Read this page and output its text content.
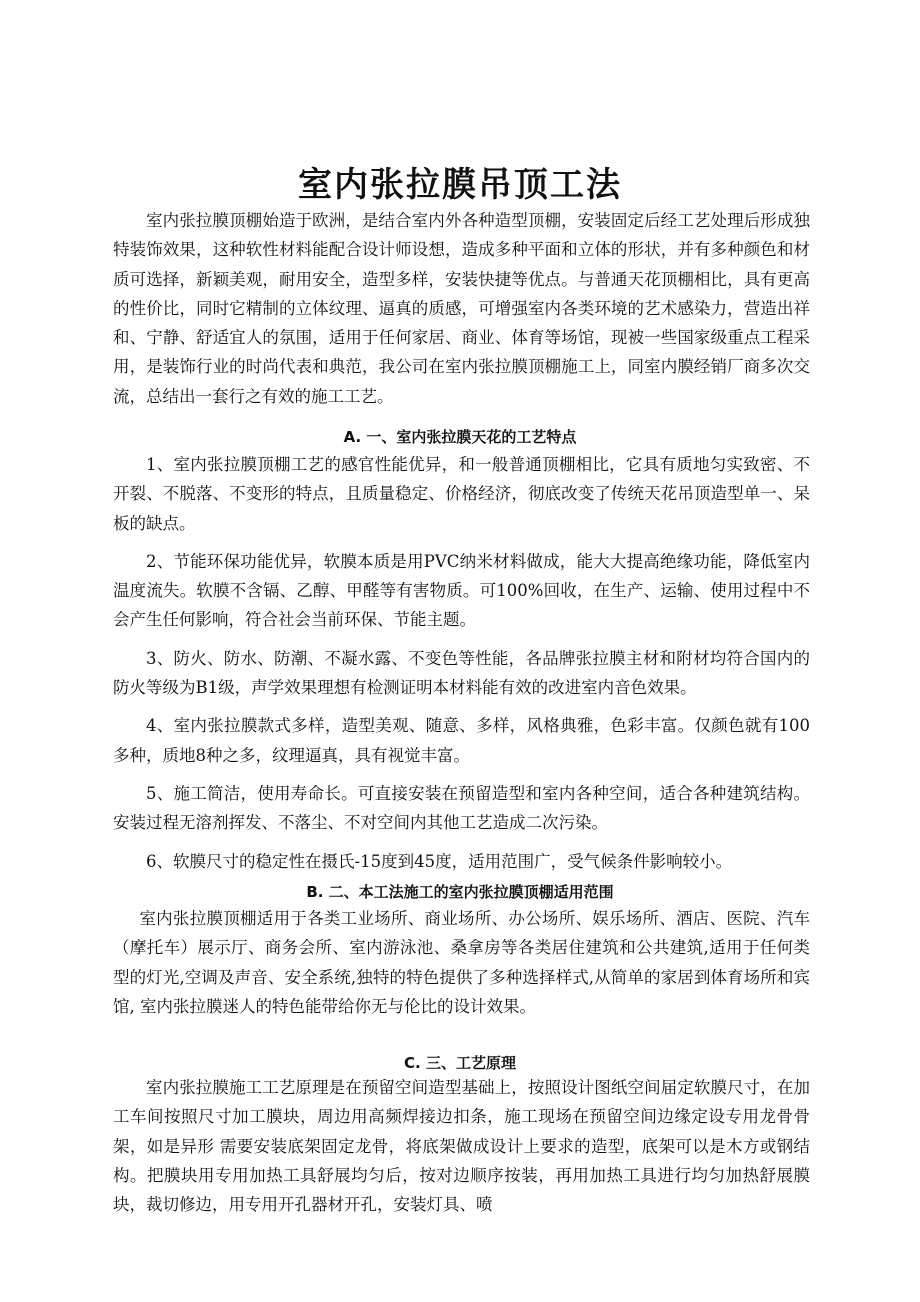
室内张拉膜吊顶工法

室内张拉膜顶棚始造于欧洲，是结合室内外各种造型顶棚，安装固定后经工艺处理后形成独特装饰效果，这种软性材料能配合设计师设想，造成多种平面和立体的形状，并有多种颜色和材质可选择，新颖美观，耐用安全，造型多样，安装快捷等优点。与普通天花顶棚相比，具有更高的性价比，同时它精制的立体纹理、逼真的质感，可增强室内各类环境的艺术感染力，营造出祥和、宁静、舒适宜人的氛围，适用于任何家居、商业、体育等场馆，现被一些国家级重点工程采用，是装饰行业的时尚代表和典范，我公司在室内张拉膜顶棚施工上，同室内膜经销厂商多次交流，总结出一套行之有效的施工工艺。

A. 一、室内张拉膜天花的工艺特点

1、室内张拉膜顶棚工艺的感官性能优异，和一般普通顶棚相比，它具有质地匀实致密、不开裂、不脱落、不变形的特点，且质量稳定、价格经济，彻底改变了传统天花吊顶造型单一、呆板的缺点。

2、节能环保功能优异，软膜本质是用PVC纳米材料做成，能大大提高绝缘功能，降低室内温度流失。软膜不含镉、乙醇、甲醛等有害物质。可100%回收，在生产、运输、使用过程中不会产生任何影响，符合社会当前环保、节能主题。

3、防火、防水、防潮、不凝水露、不变色等性能，各品牌张拉膜主材和附材均符合国内的防火等级为B1级，声学效果理想有检测证明本材料能有效的改进室内音色效果。

4、室内张拉膜款式多样，造型美观、随意、多样，风格典雅，色彩丰富。仅颜色就有100多种，质地8种之多，纹理逼真，具有视觉丰富。

5、施工简洁，使用寿命长。可直接安装在预留造型和室内各种空间，适合各种建筑结构。安装过程无溶剂挥发、不落尘、不对空间内其他工艺造成二次污染。

6、软膜尺寸的稳定性在摄氏-15度到45度，适用范围广，受气候条件影响较小。

B. 二、本工法施工的室内张拉膜顶棚适用范围

室内张拉膜顶棚适用于各类工业场所、商业场所、办公场所、娱乐场所、酒店、医院、汽车（摩托车）展示厅、商务会所、室内游泳池、桑拿房等各类居住建筑和公共建筑,适用于任何类型的灯光,空调及声音、安全系统,独特的特色提供了多种选择样式,从简单的家居到体育场所和宾馆, 室内张拉膜迷人的特色能带给你无与伦比的设计效果。

C. 三、工艺原理

室内张拉膜施工工艺原理是在预留空间造型基础上，按照设计图纸空间届定软膜尺寸，在加工车间按照尺寸加工膜块，周边用高频焊接边扣条，施工现场在预留空间边缘定设专用龙骨骨架，如是异形 需要安装底架固定龙骨，将底架做成设计上要求的造型，底架可以是木方或钢结构。把膜块用专用加热工具舒展均匀后，按对边顺序按装，再用加热工具进行均匀加热舒展膜块，裁切修边，用专用开孔器材开孔，安装灯具、喷
